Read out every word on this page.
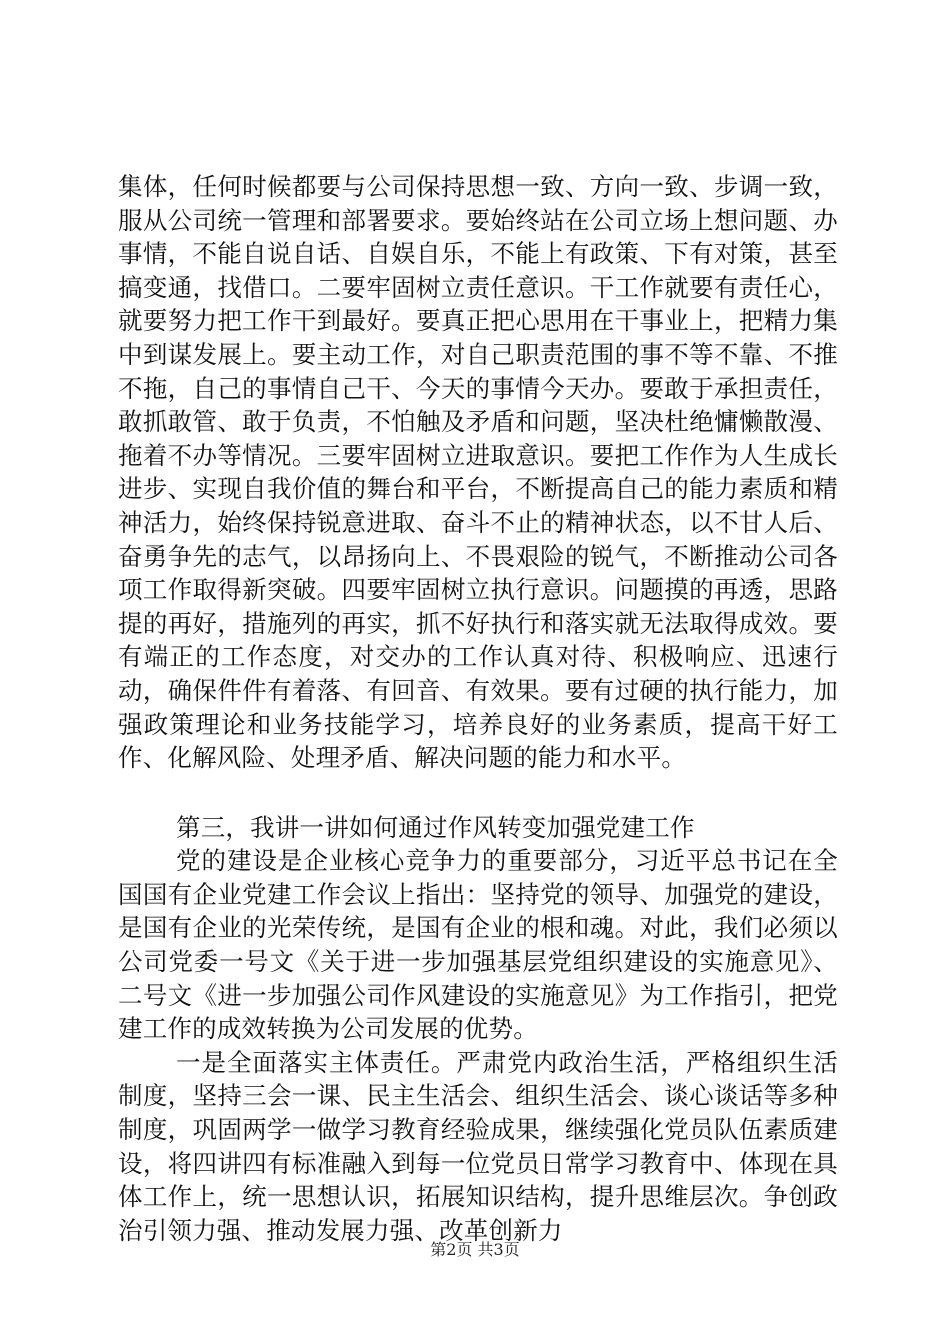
集体，任何时候都要与公司保持思想一致、方向一致、步调一致，服从公司统一管理和部署要求。要始终站在公司立场上想问题、办事情，不能自说自话、自娱自乐，不能上有政策、下有对策，甚至搞变通，找借口。二要牢固树立责任意识。干工作就要有责任心，就要努力把工作干到最好。要真正把心思用在干事业上，把精力集中到谋发展上。要主动工作，对自己职责范围的事不等不靠、不推不拖，自己的事情自己干、今天的事情今天办。要敢于承担责任，敢抓敢管、敢于负责，不怕触及矛盾和问题，坚决杜绝慵懒散漫、拖着不办等情况。三要牢固树立进取意识。要把工作作为人生成长进步、实现自我价值的舞台和平台，不断提高自己的能力素质和精神活力，始终保持锐意进取、奋斗不止的精神状态，以不甘人后、奋勇争先的志气，以昂扬向上、不畏艰险的锐气，不断推动公司各项工作取得新突破。四要牢固树立执行意识。问题摸的再透，思路提的再好，措施列的再实，抓不好执行和落实就无法取得成效。要有端正的工作态度，对交办的工作认真对待、积极响应、迅速行动，确保件件有着落、有回音、有效果。要有过硬的执行能力，加强政策理论和业务技能学习，培养良好的业务素质，提高干好工作、化解风险、处理矛盾、解决问题的能力和水平。

第三，我讲一讲如何通过作风转变加强党建工作

党的建设是企业核心竞争力的重要部分，习近平总书记在全国国有企业党建工作会议上指出：坚持党的领导、加强党的建设，是国有企业的光荣传统，是国有企业的根和魂。对此，我们必须以公司党委一号文《关于进一步加强基层党组织建设的实施意见》、二号文《进一步加强公司作风建设的实施意见》为工作指引，把党建工作的成效转换为公司发展的优势。

一是全面落实主体责任。严肃党内政治生活，严格组织生活制度，坚持三会一课、民主生活会、组织生活会、谈心谈话等多种制度，巩固两学一做学习教育经验成果，继续强化党员队伍素质建设，将四讲四有标准融入到每一位党员日常学习教育中、体现在具体工作上，统一思想认识，拓展知识结构，提升思维层次。争创政治引领力强、推动发展力强、改革创新力

第2页 共3页
